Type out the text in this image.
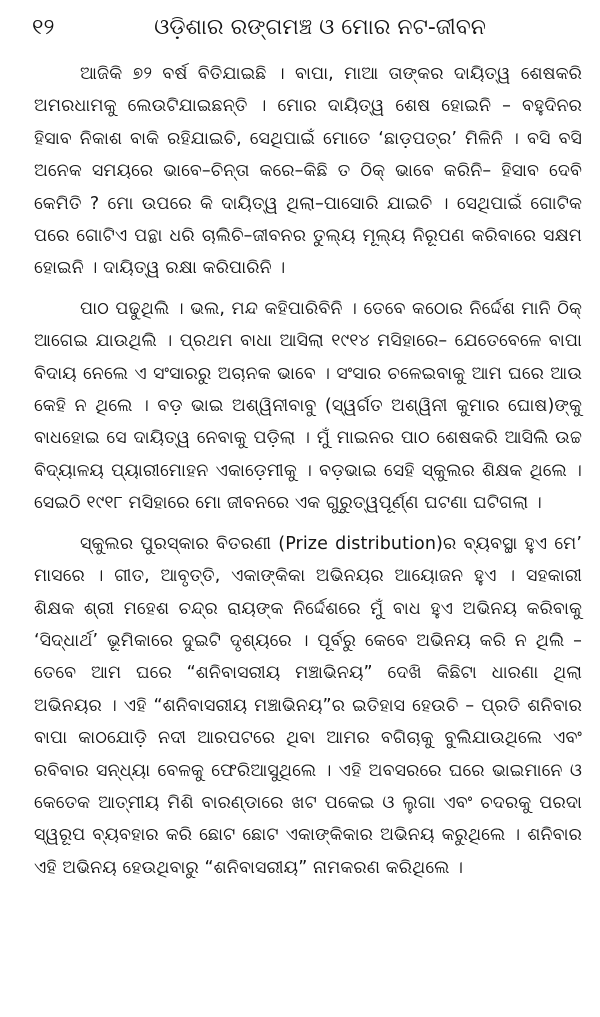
୧୨	ଓଡ଼ିଶାର ରଙ୍ଗମଞ୍ଚ ଓ ମୋର ନଟ-ଜୀବନ

ଆଜିକି ୭୨ ବର୍ଷ ବିତିଯାଇଛି । ବାପା, ମାଆ ତାଙ୍କର ଦାୟିତ୍ୱ ଶେଷକରି ଅମରଧାମକୁ ଲେଉଟିଯାଇଛନ୍ତି । ମୋର ଦାୟିତ୍ୱ ଶେଷ ହୋଇନି – ବହୁଦିନର ହିସାବ ନିକାଶ ବାକି ରହିଯାଇଚି, ସେଥିପାଇଁ ମୋତେ ‘ଛାଡ଼ପତ୍ର’ ମିଳିନି । ବସି ବସି ଅନେକ ସମୟରେ ଭାବେ–ଚିନ୍ତା କରେ–କିଛି ତ ଠିକ୍ ଭାବେ କରିନି– ହିସାବ ଦେବି କେମିତି ? ମୋ ଉପରେ କି ଦାୟିତ୍ୱ ଥିଲା–ପାସୋରି ଯାଇଚି । ସେଥିପାଇଁ ଗୋଟିକ ପରେ ଗୋଟିଏ ପନ୍ଥା ଧରି ଚାଲିଚି–ଜୀବନର ତୁଲ୍ୟ ମୂଲ୍ୟ ନିରୂପଣ କରିବାରେ ସକ୍ଷମ ହୋଇନି । ଦାୟିତ୍ୱ ରକ୍ଷା କରିପାରିନି ।

ପାଠ ପଢୁଥିଲି । ଭଲ, ମନ୍ଦ କହିପାରିବିନି । ତେବେ କଠୋର ନିର୍ଦ୍ଦେଶ ମାନି ଠିକ୍ ଆଗେଇ ଯାଉଥିଲି । ପ୍ରଥମ ବାଧା ଆସିଲା ୧୯୧୪ ମସିହାରେ– ଯେତେବେଳେ ବାପା ବିଦାୟ ନେଲେ ଏ ସଂସାରରୁ ଅଚାନକ ଭାବେ । ସଂସାର ଚଳେଇବାକୁ ଆମ ଘରେ ଆଉ କେହି ନ ଥିଲେ । ବଡ଼ ଭାଇ ଅଶ୍ୱିନୀବାବୁ (ସ୍ୱର୍ଗତ ଅଶ୍ୱିନୀ କୁମାର ଘୋଷ)ଙ୍କୁ ବାଧହୋଇ ସେ ଦାୟିତ୍ୱ ନେବାକୁ ପଡ଼ିଲା । ମୁଁ ମାଇନର ପାଠ ଶେଷକରି ଆସିଲି ଉଚ୍ଚ ବିଦ୍ୟାଳୟ ପ୍ୟାରୀମୋହନ ଏକାଡ଼େମୀକୁ । ବଡ଼ଭାଇ ସେହି ସ୍କୁଲର ଶିକ୍ଷକ ଥିଲେ । ସେଇଠି ୧୯୧୮ ମସିହାରେ ମୋ ଜୀବନରେ ଏକ ଗୁରୁତ୍ୱପୂର୍ଣ୍ଣ ଘଟଣା ଘଟିଗଲା ।

ସ୍କୁଲର ପୁରସ୍କାର ବିତରଣୀ (Prize distribution)ର ବ୍ୟବସ୍ଥା ହୁଏ ମେ’ ମାସରେ । ଗୀତ, ଆବୃତ୍ତି, ଏକାଙ୍କିକା ଅଭିନୟର ଆୟୋଜନ ହୁଏ । ସହକାରୀ ଶିକ୍ଷକ ଶ୍ରୀ ମହେଶ ଚନ୍ଦ୍ର ରାୟଙ୍କ ନିର୍ଦ୍ଦେଶରେ ମୁଁ ବାଧ ହୁଏ ଅଭିନୟ କରିବାକୁ ‘ସିଦ୍ଧାର୍ଥ’ ଭୂମିକାରେ ଦୁଇଟି ଦୃଶ୍ୟରେ । ପୂର୍ବରୁ କେବେ ଅଭିନୟ କରି ନ ଥିଲି – ତେବେ ଆମ ଘରେ “ଶନିବାସରୀୟ ମଞ୍ଚାଭିନୟ” ଦେଖି କିଛିଟା ଧାରଣା ଥିଲା ଅଭିନୟର । ଏହି “ଶନିବାସରୀୟ ମଞ୍ଚାଭିନୟ”ର ଇତିହାସ ହେଉଚି – ପ୍ରତି ଶନିବାର ବାପା କାଠଯୋଡ଼ି ନଦୀ ଆରପଟରେ ଥିବା ଆମର ବଗିଚାକୁ ବୁଲିଯାଉଥିଲେ ଏବଂ ରବିବାର ସନ୍ଧ୍ୟା ବେଳକୁ ଫେରିଆସୁଥିଲେ । ଏହି ଅବସରରେ ଘରେ ଭାଇମାନେ ଓ କେତେକ ଆତ୍ମୀୟ ମିଶି ବାରଣ୍ଡାରେ ଖଟ ପକେଇ ଓ ଲୁଗା ଏବଂ ଚଦରକୁ ପରଦା ସ୍ୱରୂପ ବ୍ୟବହାର କରି ଛୋଟ ଛୋଟ ଏକାଙ୍କିକାର ଅଭିନୟ କରୁଥିଲେ । ଶନିବାର ଏହି ଅଭିନୟ ହେଉଥିବାରୁ “ଶନିବାସରୀୟ” ନାମକରଣ କରିଥିଲେ ।
